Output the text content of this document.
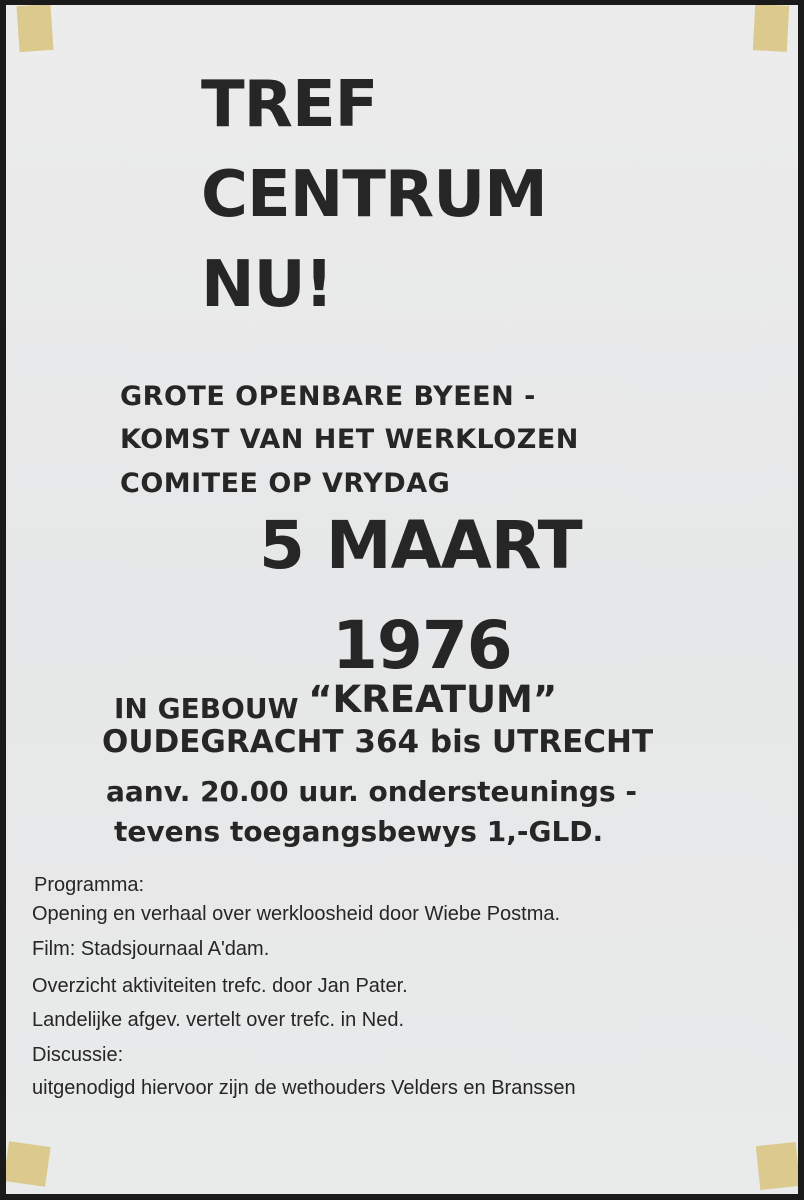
TREF

CENTRUM

NU!

GROTE OPENBARE BYEEN -

KOMST VAN HET WERKLOZEN

COMITEE OP VRYDAG

5 MAART

1976

IN GEBOUW “KREATUM”

OUDEGRACHT 364 bis UTRECHT

aanv. 20.00 uur. ondersteunings -

tevens toegangsbewys 1,-GLD.

Programma:

Opening en verhaal over werkloosheid door Wiebe Postma.

Film: Stadsjournaal A'dam.

Overzicht aktiviteiten trefc. door Jan Pater.

Landelijke afgev. vertelt over trefc. in Ned.

Discussie:

uitgenodigd hiervoor zijn de wethouders Velders en Branssen
